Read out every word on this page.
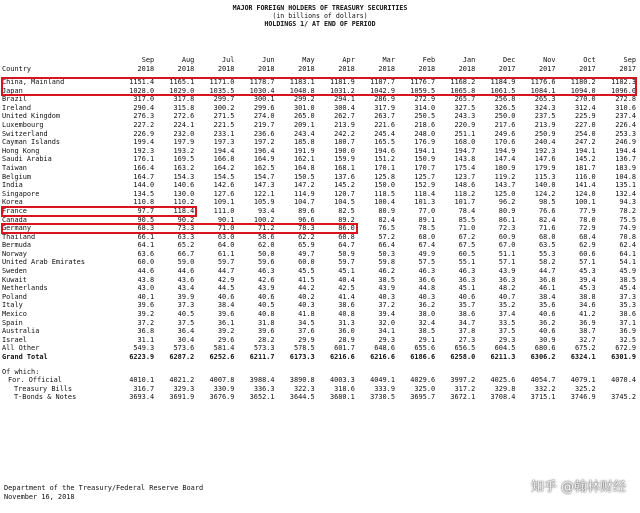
MAJOR FOREIGN HOLDERS OF TREASURY SECURITIES
(in billions of dollars)
HOLDINGS 1/ AT END OF PERIOD
	Sep	Aug	Jul	Jun	May	Apr	Mar	Feb	Jan	Dec	Nov	Oct	Sep
Country	2018	2018	2018	2018	2018	2018	2018	2018	2018	2017	2017	2017	2017

China, Mainland	1151.4	1165.1	1171.0	1178.7	1183.1	1181.9	1187.7	1176.7	1168.2	1184.9	1176.6	1180.2	1182.3
Japan	1028.0	1029.0	1035.5	1030.4	1048.8	1031.2	1042.9	1059.5	1065.8	1061.5	1084.1	1094.0	1096.0
Brazil	317.0	317.8	299.7	300.1	299.2	294.1	286.9	272.9	265.7	256.8	265.3	270.0	272.8
Ireland	290.4	315.8	300.2	299.6	301.0	300.4	317.9	314.0	327.5	326.5	324.3	312.4	310.6
United Kingdom	276.3	272.6	271.5	274.0	265.0	262.7	263.7	250.5	243.3	250.0	237.5	225.9	237.4
Luxembourg	227.2	224.1	221.5	219.7	209.1	213.9	221.6	218.6	220.9	217.6	213.9	227.0	226.4
Switzerland	226.9	232.0	233.1	236.6	243.4	242.2	245.4	248.0	251.1	249.6	250.9	254.0	253.3
Cayman Islands	199.4	197.9	197.3	197.2	185.8	180.7	165.5	176.9	168.0	170.6	240.4	247.2	246.9
Hong Kong	192.3	193.2	194.4	196.4	191.9	190.0	194.6	194.1	194.7	194.9	192.3	194.1	194.4
Saudi Arabia	176.1	169.5	166.8	164.9	162.1	159.9	151.2	150.9	143.8	147.4	147.6	145.2	136.7
Taiwan	166.4	163.2	164.2	162.5	164.8	168.1	170.1	170.7	175.4	180.9	179.9	181.7	183.9
Belgium	164.7	154.3	154.5	154.7	150.5	137.6	125.8	125.7	123.7	119.2	115.3	116.0	104.8
India	144.0	140.6	142.6	147.3	147.2	145.2	150.0	152.9	148.6	143.7	140.0	141.4	135.1
Singapore	134.5	130.0	127.6	122.1	114.9	120.7	118.5	118.4	118.2	125.0	124.2	124.0	132.4
Korea	110.8	110.2	109.1	105.9	104.7	104.5	100.4	101.3	101.7	96.2	98.5	100.1	94.3
France	97.7	118.4	111.0	93.4	89.6	82.5	80.9	77.0	78.4	80.9	76.6	77.9	78.2
Canada	90.5	90.2	90.1	100.2	96.6	89.2	82.4	89.1	85.5	86.1	82.4	78.0	75.5
Germany	68.3	73.3	71.0	71.2	78.3	86.0	76.5	78.5	71.0	72.3	71.6	72.9	74.9
Thailand	66.1	63.3	63.0	58.6	62.2	60.8	57.2	68.0	67.2	60.9	68.0	68.4	70.8
Bermuda	64.1	65.2	64.0	62.0	65.9	64.7	66.4	67.4	67.5	67.0	63.5	62.9	62.4
Norway	63.6	66.7	61.1	50.0	49.7	50.9	50.3	49.9	60.5	51.1	55.3	60.6	64.1
United Arab Emirates	60.0	59.0	59.7	59.6	60.0	59.7	59.8	57.5	55.1	57.1	58.2	57.1	54.1
Sweden	44.6	44.6	44.7	46.3	45.5	45.1	46.2	46.3	46.3	43.9	44.7	45.3	45.9
Kuwait	43.8	43.6	42.9	42.6	41.5	40.4	38.5	36.6	36.3	36.3	36.8	39.4	38.5
Netherlands	43.0	43.4	44.5	43.9	44.2	42.5	43.9	44.8	45.1	48.2	46.1	45.3	45.4
Poland	40.1	39.9	40.6	40.6	40.2	41.4	40.3	40.3	40.6	40.7	38.4	38.8	37.3
Italy	39.6	37.3	38.4	40.5	40.3	38.6	37.2	36.2	35.7	35.2	35.6	34.6	35.3
Mexico	39.2	40.5	39.6	40.8	41.8	40.8	39.4	38.0	38.6	37.4	40.6	41.2	38.6
Spain	37.2	37.5	36.1	31.8	34.5	31.3	32.0	32.4	34.7	33.5	36.2	36.9	37.1
Australia	36.8	36.4	39.2	39.6	37.6	36.0	34.1	38.5	37.8	37.5	40.6	38.7	36.9
Israel	31.1	30.4	29.6	28.2	29.9	28.9	29.3	29.1	27.3	29.3	30.9	32.7	32.5
All Other	549.3	573.6	581.4	573.3	578.5	601.7	648.6	655.6	656.5	604.5	680.6	675.2	672.9
Grand Total	6223.9	6287.2	6252.6	6211.7	6173.3	6216.6	6216.6	6186.6	6258.0	6211.3	6306.2	6324.1	6301.9

Of which:													
For. Official	4010.1	4021.2	4007.8	3988.4	3890.8	4003.3	4049.1	4029.6	3997.2	4025.6	4054.7	4079.1	4070.4
Treasury Bills	316.7	329.3	330.9	336.3	322.3	318.6	333.9	325.0	317.2	329.8	332.2	325.2	
T-Bonds & Notes	3693.4	3691.9	3676.9	3652.1	3644.5	3680.1	3730.5	3695.7	3672.1	3708.4	3715.1	3746.9	3745.2
Department of the Treasury/Federal Reserve Board
November 16, 2018
知乎 @翰林财经
